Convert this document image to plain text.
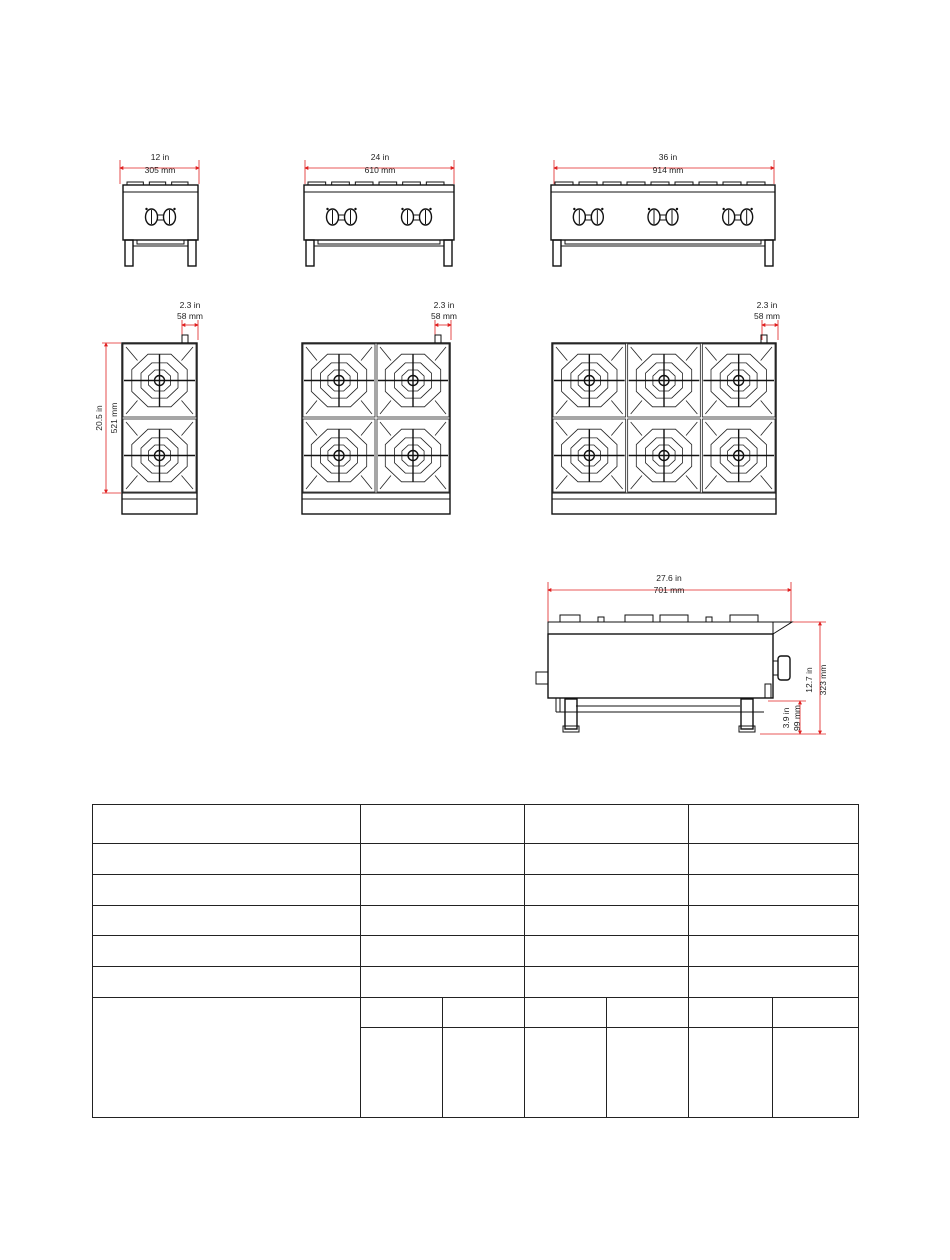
12 in
305 mm
24 in
610 mm
36 in
914 mm
2.3 in
58 mm
20.5 in 521 mm
2.3 in
58 mm
2.3 in
58 mm
27.6 in
701 mm
12.7 in 323 mm
3.9 in 99 mm
